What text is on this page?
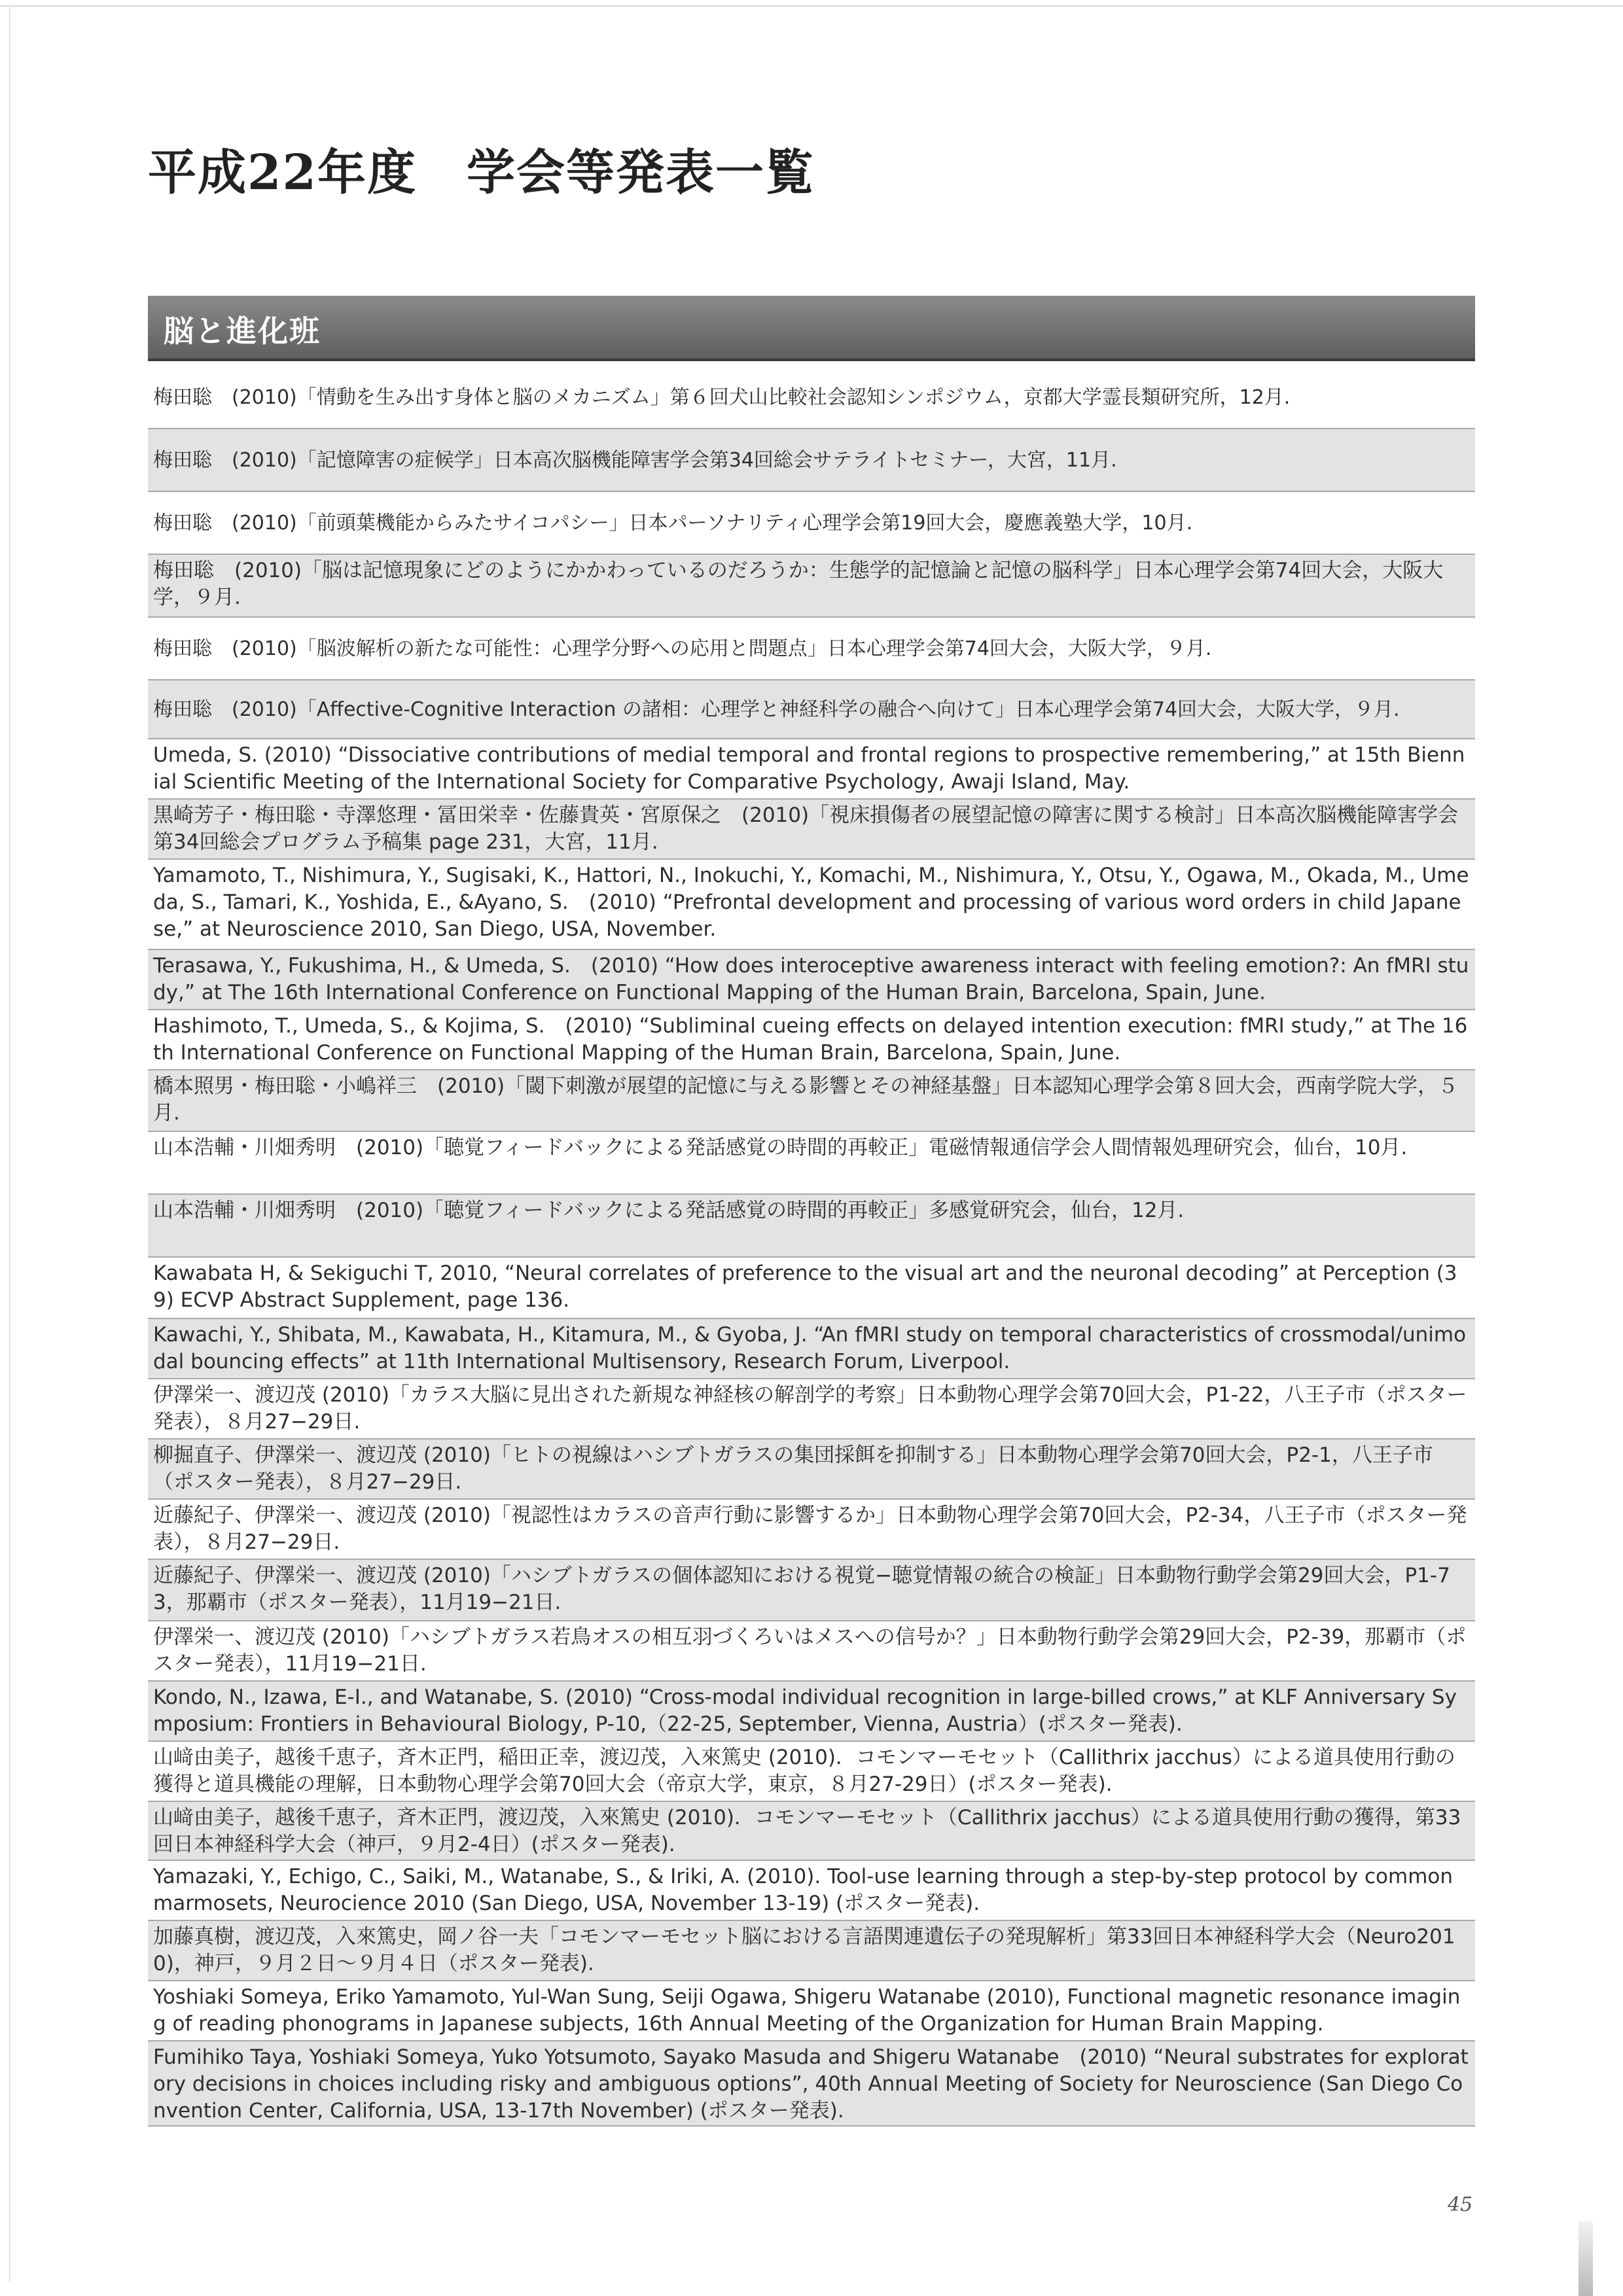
平成22年度　学会等発表一覧
脳と進化班
梅田聡　(2010)「情動を生み出す身体と脳のメカニズム」第６回犬山比較社会認知シンポジウム，京都大学霊長類研究所，12月.
梅田聡　(2010)「記憶障害の症候学」日本高次脳機能障害学会第34回総会サテライトセミナー，大宮，11月.
梅田聡　(2010)「前頭葉機能からみたサイコパシー」日本パーソナリティ心理学会第19回大会，慶應義塾大学，10月.
梅田聡　(2010)「脳は記憶現象にどのようにかかわっているのだろうか：生態学的記憶論と記憶の脳科学」日本心理学会第74回大会，大阪大学，９月.
梅田聡　(2010)「脳波解析の新たな可能性：心理学分野への応用と問題点」日本心理学会第74回大会，大阪大学，９月.
梅田聡　(2010)「Affective-Cognitive Interaction の諸相：心理学と神経科学の融合へ向けて」日本心理学会第74回大会，大阪大学，９月.
Umeda, S. (2010) “Dissociative contributions of medial temporal and frontal regions to prospective remembering,” at 15th Biennial Scientific Meeting of the International Society for Comparative Psychology, Awaji Island, May.
黒崎芳子・梅田聡・寺澤悠理・冨田栄幸・佐藤貴英・宮原保之　(2010)「視床損傷者の展望記憶の障害に関する検討」日本高次脳機能障害学会第34回総会プログラム予稿集 page 231，大宮，11月.
Yamamoto, T., Nishimura, Y., Sugisaki, K., Hattori, N., Inokuchi, Y., Komachi, M., Nishimura, Y., Otsu, Y., Ogawa, M., Okada, M., Umeda, S., Tamari, K., Yoshida, E., &Ayano, S.　(2010) “Prefrontal development and processing of various word orders in child Japanese,” at Neuroscience 2010, San Diego, USA, November.
Terasawa, Y., Fukushima, H., & Umeda, S.　(2010) “How does interoceptive awareness interact with feeling emotion?: An fMRI study,” at The 16th International Conference on Functional Mapping of the Human Brain, Barcelona, Spain, June.
Hashimoto, T., Umeda, S., & Kojima, S.　(2010) “Subliminal cueing effects on delayed intention execution: fMRI study,” at The 16th International Conference on Functional Mapping of the Human Brain, Barcelona, Spain, June.
橋本照男・梅田聡・小嶋祥三　(2010)「閾下刺激が展望的記憶に与える影響とその神経基盤」日本認知心理学会第８回大会，西南学院大学，５月.
山本浩輔・川畑秀明　(2010)「聴覚フィードバックによる発話感覚の時間的再較正」電磁情報通信学会人間情報処理研究会，仙台，10月.
山本浩輔・川畑秀明　(2010)「聴覚フィードバックによる発話感覚の時間的再較正」多感覚研究会，仙台，12月.
Kawabata H, & Sekiguchi T, 2010, “Neural correlates of preference to the visual art and the neuronal decoding” at Perception (39) ECVP Abstract Supplement, page 136.
Kawachi, Y., Shibata, M., Kawabata, H., Kitamura, M., & Gyoba, J. “An fMRI study on temporal characteristics of crossmodal/unimodal bouncing effects” at 11th International Multisensory, Research Forum, Liverpool.
伊澤栄一、渡辺茂 (2010)「カラス大脳に見出された新規な神経核の解剖学的考察」日本動物心理学会第70回大会，P1-22，八王子市（ポスター発表），８月27−29日.
柳掘直子、伊澤栄一、渡辺茂 (2010)「ヒトの視線はハシブトガラスの集団採餌を抑制する」日本動物心理学会第70回大会，P2-1，八王子市（ポスター発表），８月27−29日.
近藤紀子、伊澤栄一、渡辺茂 (2010)「視認性はカラスの音声行動に影響するか」日本動物心理学会第70回大会，P2-34，八王子市（ポスター発表），８月27−29日.
近藤紀子、伊澤栄一、渡辺茂 (2010)「ハシブトガラスの個体認知における視覚−聴覚情報の統合の検証」日本動物行動学会第29回大会，P1-73，那覇市（ポスター発表），11月19−21日.
伊澤栄一、渡辺茂 (2010)「ハシブトガラス若鳥オスの相互羽づくろいはメスへの信号か？」日本動物行動学会第29回大会，P2-39，那覇市（ポスター発表），11月19−21日.
Kondo, N., Izawa, E-I., and Watanabe, S. (2010) “Cross-modal individual recognition in large-billed crows,” at KLF Anniversary Symposium: Frontiers in Behavioural Biology, P-10,（22-25, September, Vienna, Austria）(ポスター発表).
山﨑由美子，越後千恵子，斉木正門，稲田正幸，渡辺茂，入來篤史 (2010)．コモンマーモセット（Callithrix jacchus）による道具使用行動の獲得と道具機能の理解，日本動物心理学会第70回大会（帝京大学，東京，８月27-29日）(ポスター発表).
山﨑由美子，越後千恵子，斉木正門，渡辺茂，入來篤史 (2010)．コモンマーモセット（Callithrix jacchus）による道具使用行動の獲得，第33回日本神経科学大会（神戸，９月2-4日）(ポスター発表).
Yamazaki, Y., Echigo, C., Saiki, M., Watanabe, S., & Iriki, A. (2010). Tool-use learning through a step-by-step protocol by common marmosets, Neurocience 2010 (San Diego, USA, November 13-19) (ポスター発表).
加藤真樹，渡辺茂，入來篤史，岡ノ谷一夫「コモンマーモセット脳における言語関連遺伝子の発現解析」第33回日本神経科学大会（Neuro2010)，神戸，９月２日〜９月４日（ポスター発表).
Yoshiaki Someya, Eriko Yamamoto, Yul-Wan Sung, Seiji Ogawa, Shigeru Watanabe (2010), Functional magnetic resonance imaging of reading phonograms in Japanese subjects, 16th Annual Meeting of the Organization for Human Brain Mapping.
Fumihiko Taya, Yoshiaki Someya, Yuko Yotsumoto, Sayako Masuda and Shigeru Watanabe　(2010) “Neural substrates for exploratory decisions in choices including risky and ambiguous options”, 40th Annual Meeting of Society for Neuroscience (San Diego Convention Center, California, USA, 13-17th November) (ポスター発表).
45
